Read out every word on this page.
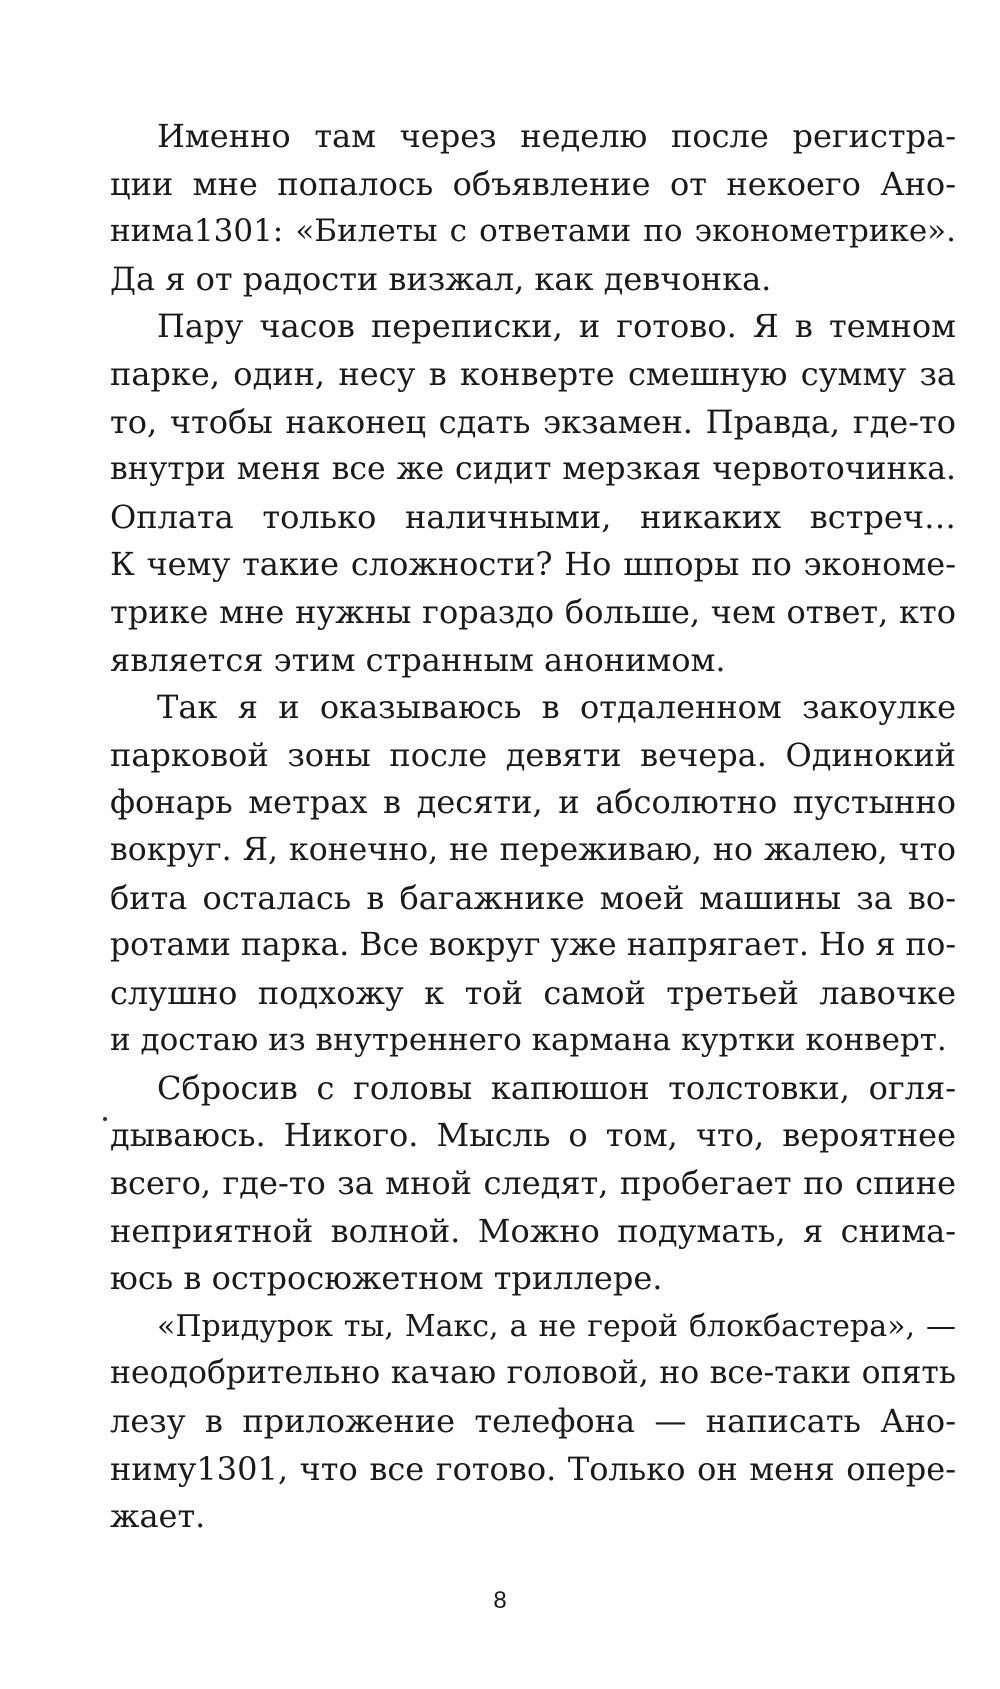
Именно там через неделю после регистра-
ции мне попалось объявление от некоего Ано-
нима1301: «Билеты с ответами по эконометрике».
Да я от радости визжал, как девчонка.
Пару часов переписки, и готово. Я в темном
парке, один, несу в конверте смешную сумму за
то, чтобы наконец сдать экзамен. Правда, где-то
внутри меня все же сидит мерзкая червоточинка.
Оплата только наличными, никаких встреч…
К чему такие сложности? Но шпоры по экономе-
трике мне нужны гораздо больше, чем ответ, кто
является этим странным анонимом.
Так я и оказываюсь в отдаленном закоулке
парковой зоны после девяти вечера. Одинокий
фонарь метрах в десяти, и абсолютно пустынно
вокруг. Я, конечно, не переживаю, но жалею, что
бита осталась в багажнике моей машины за во-
ротами парка. Все вокруг уже напрягает. Но я по-
слушно подхожу к той самой третьей лавочке
и достаю из внутреннего кармана куртки конверт.
Сбросив с головы капюшон толстовки, огля-
дываюсь. Никого. Мысль о том, что, вероятнее
всего, где-то за мной следят, пробегает по спине
неприятной волной. Можно подумать, я снима-
юсь в остросюжетном триллере.
«Придурок ты, Макс, а не герой блокбастера», —
неодобрительно качаю головой, но все-таки опять
лезу в приложение телефона — написать Ано-
ниму1301, что все готово. Только он меня опере-
жает.
8
